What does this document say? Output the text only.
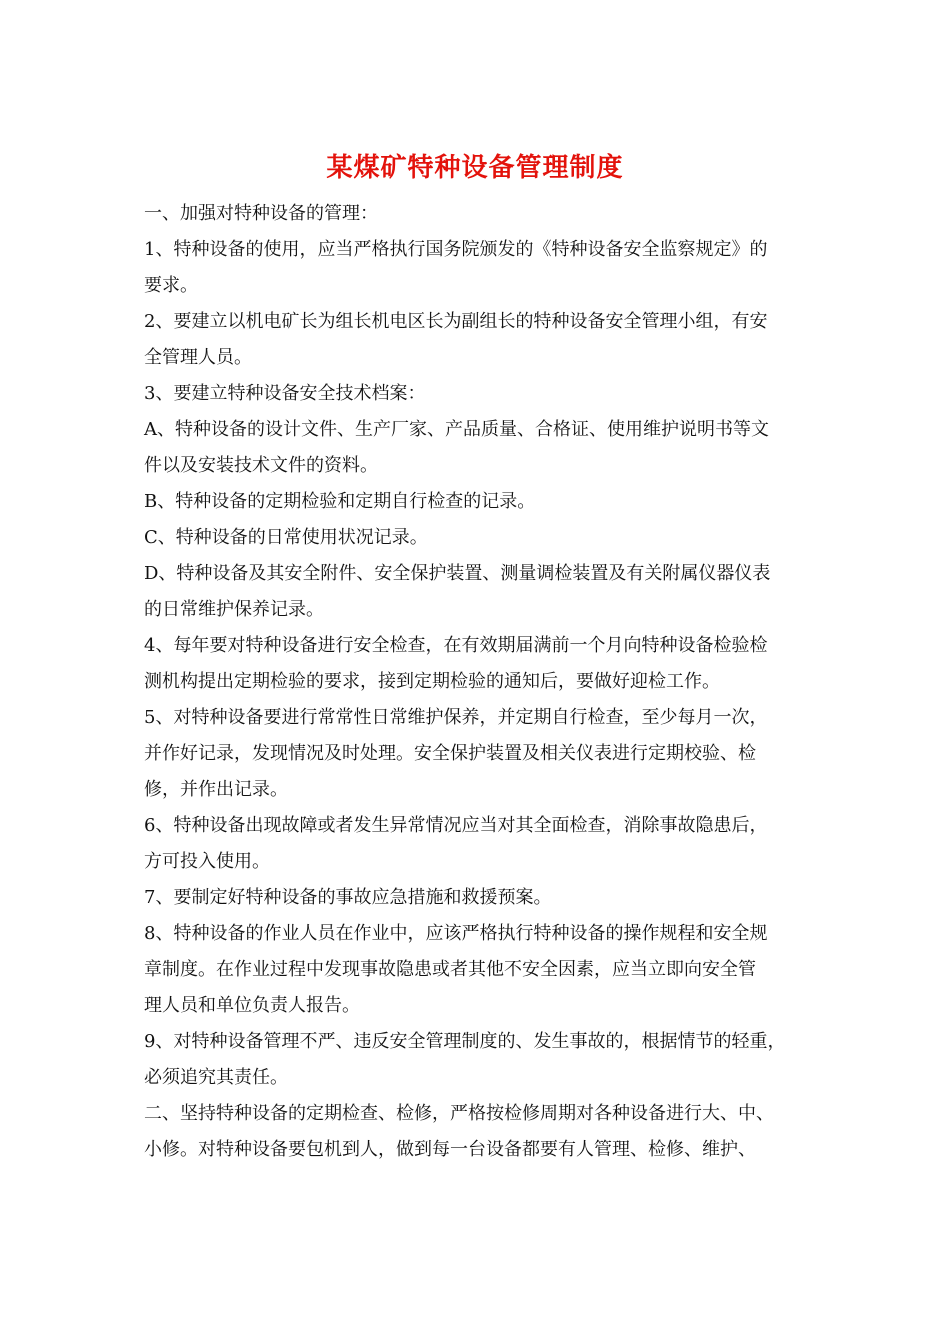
某煤矿特种设备管理制度
一、加强对特种设备的管理：
1、特种设备的使用，应当严格执行国务院颁发的《特种设备安全监察规定》的
要求。
2、要建立以机电矿长为组长机电区长为副组长的特种设备安全管理小组，有安
全管理人员。
3、要建立特种设备安全技术档案：
A、特种设备的设计文件、生产厂家、产品质量、合格证、使用维护说明书等文
件以及安装技术文件的资料。
B、特种设备的定期检验和定期自行检查的记录。
C、特种设备的日常使用状况记录。
D、特种设备及其安全附件、安全保护装置、测量调检装置及有关附属仪器仪表
的日常维护保养记录。
4、每年要对特种设备进行安全检查，在有效期届满前一个月向特种设备检验检
测机构提出定期检验的要求，接到定期检验的通知后，要做好迎检工作。
5、对特种设备要进行常常性日常维护保养，并定期自行检查，至少每月一次，
并作好记录，发现情况及时处理。安全保护装置及相关仪表进行定期校验、检
修，并作出记录。
6、特种设备出现故障或者发生异常情况应当对其全面检查，消除事故隐患后，
方可投入使用。
7、要制定好特种设备的事故应急措施和救援预案。
8、特种设备的作业人员在作业中，应该严格执行特种设备的操作规程和安全规
章制度。在作业过程中发现事故隐患或者其他不安全因素，应当立即向安全管
理人员和单位负责人报告。
9、对特种设备管理不严、违反安全管理制度的、发生事故的，根据情节的轻重，
必须追究其责任。
二、坚持特种设备的定期检查、检修，严格按检修周期对各种设备进行大、中、
小修。对特种设备要包机到人，做到每一台设备都要有人管理、检修、维护、
